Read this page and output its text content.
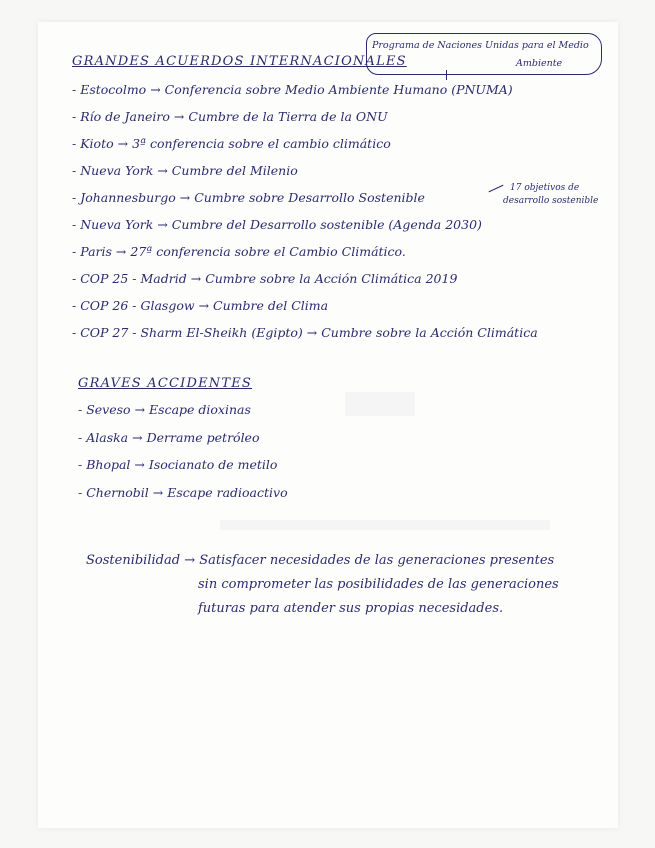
GRANDES ACUERDOS INTERNACIONALES
Programa de Naciones Unidas para el Medio
Ambiente
- Estocolmo → Conferencia sobre Medio Ambiente Humano (PNUMA)
- Río de Janeiro → Cumbre de la Tierra de la ONU
- Kioto → 3ª conferencia sobre el cambio climático
- Nueva York → Cumbre del Milenio
- Johannesburgo → Cumbre sobre Desarrollo Sostenible
- Nueva York → Cumbre del Desarrollo sostenible (Agenda 2030)
- Paris → 27ª conferencia sobre el Cambio Climático.
- COP 25 - Madrid → Cumbre sobre la Acción Climática 2019
- COP 26 - Glasgow → Cumbre del Clima
- COP 27 - Sharm El-Sheikh (Egipto) → Cumbre sobre la Acción Climática
17 objetivos de
desarrollo sostenible
GRAVES ACCIDENTES
- Seveso → Escape dioxinas
- Alaska → Derrame petróleo
- Bhopal → Isocianato de metilo
- Chernobil → Escape radioactivo
Sostenibilidad → Satisfacer necesidades de las generaciones presentes
sin comprometer las posibilidades de las generaciones
futuras para atender sus propias necesidades.
